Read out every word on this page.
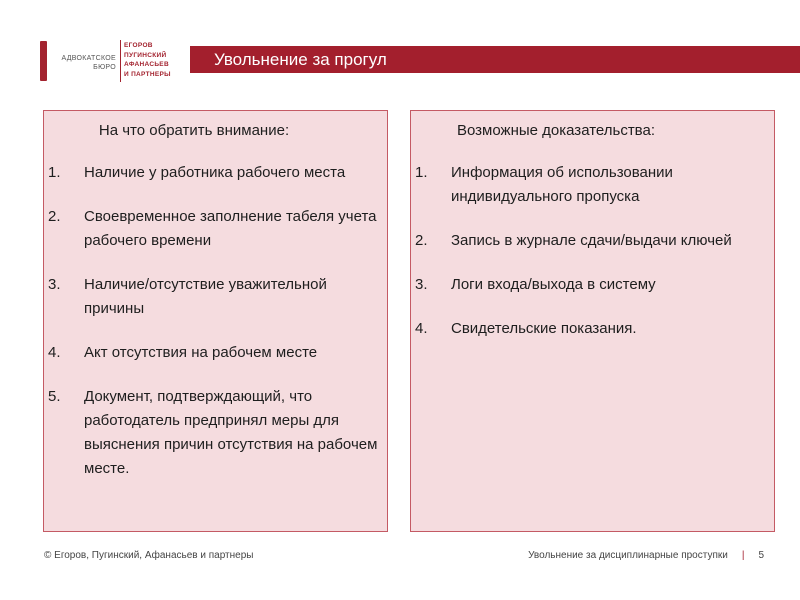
АДВОКАТСКОЕ
БЮРО
ЕГОРОВ
ПУГИНСКИЙ
АФАНАСЬЕВ
И ПАРТНЕРЫ
Увольнение за прогул
На что обратить внимание:
1.	Наличие у работника рабочего места
2.	Своевременное заполнение табеля учета рабочего времени
3.	Наличие/отсутствие уважительной причины
4.	Акт отсутствия на рабочем месте
5.	Документ, подтверждающий, что работодатель предпринял меры для выяснения причин отсутствия на рабочем месте.
Возможные доказательства:
1.	Информация об использовании индивидуального пропуска
2.	Запись в журнале сдачи/выдачи ключей
3.	Логи входа/выхода в систему
4.	Свидетельские показания.
© Егоров, Пугинский, Афанасьев и партнеры	Увольнение за дисциплинарные проступки | 5
